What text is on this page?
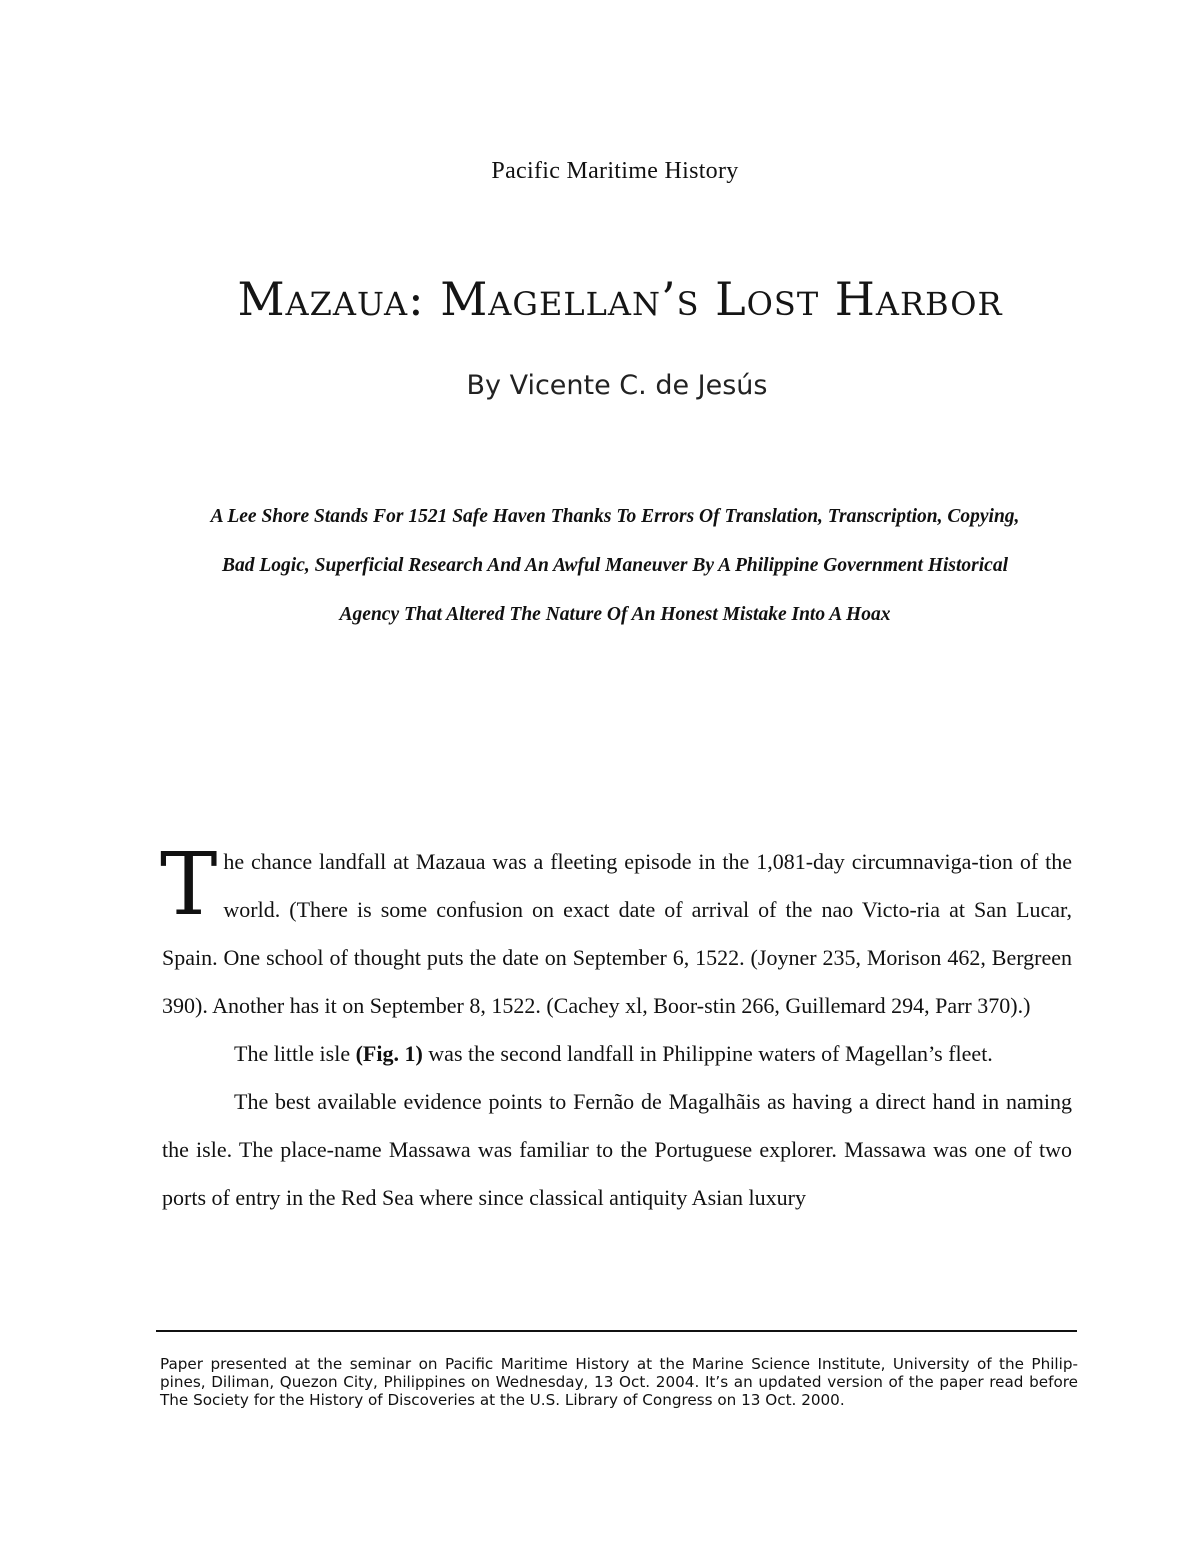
Pacific Maritime History
Mazaua: Magellan’s Lost Harbor
By Vicente C. de Jesús
A Lee Shore Stands For 1521 Safe Haven Thanks To Errors Of Translation, Transcription, Copying,
Bad Logic, Superficial Research And An Awful Maneuver By A Philippine Government Historical
Agency That Altered The Nature Of An Honest Mistake Into A Hoax

The chance landfall at Mazaua was a fleeting episode in the 1,081-day circumnaviga-tion of the world. (There is some confusion on exact date of arrival of the nao Victo-ria at San Lucar, Spain. One school of thought puts the date on September 6, 1522. (Joyner 235, Morison 462, Bergreen 390). Another has it on September 8, 1522. (Cachey xl, Boor-stin 266, Guillemard 294, Parr 370).)

The little isle (Fig. 1) was the second landfall in Philippine waters of Magellan’s fleet.

The best available evidence points to Fernão de Magalhãis as having a direct hand in naming the isle. The place-name Massawa was familiar to the Portuguese explorer. Massawa was one of two ports of entry in the Red Sea where since classical antiquity Asian luxury

Paper presented at the seminar on Pacific Maritime History at the Marine Science Institute, University of the Philip-pines, Diliman, Quezon City, Philippines on Wednesday, 13 Oct. 2004. It’s an updated version of the paper read before The Society for the History of Discoveries at the U.S. Library of Congress on 13 Oct. 2000.
